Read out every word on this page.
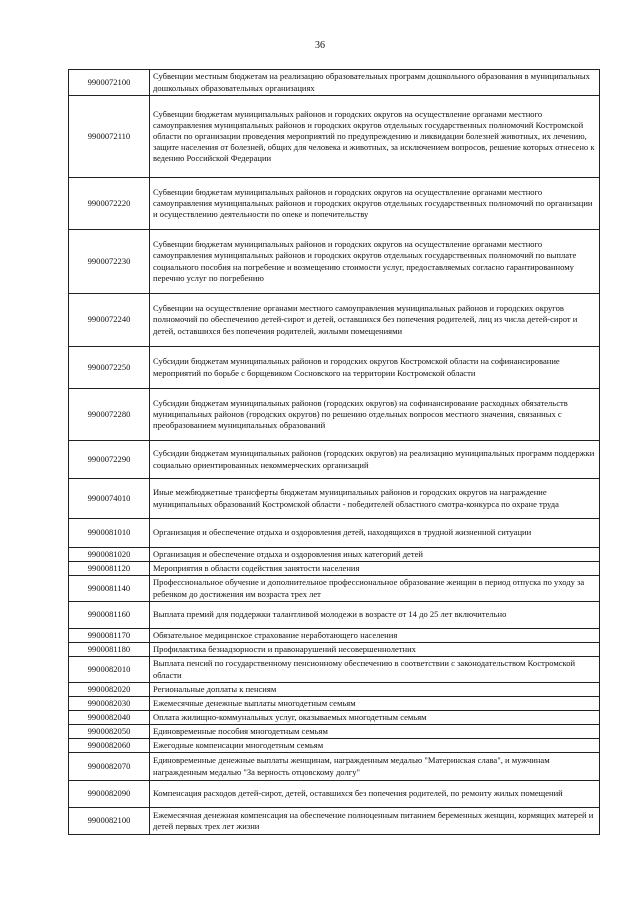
36
9900072100	Субвенции местным бюджетам на реализацию образовательных программ дошкольного образования в муниципальных дошкольных образовательных организациях
9900072110	Субвенции бюджетам муниципальных районов и городских округов на осуществление органами местного самоуправления муниципальных районов и городских округов отдельных государственных полномочий Костромской области по организации проведения мероприятий по предупреждению и ликвидации болезней животных, их лечению, защите населения от болезней, общих для человека и животных, за исключением вопросов, решение которых отнесено к ведению Российской Федерации
9900072220	Субвенции бюджетам муниципальных районов и городских округов на осуществление органами местного самоуправления муниципальных районов и городских округов отдельных государственных полномочий по организации и осуществлению деятельности по опеке и попечительству
9900072230	Субвенции бюджетам муниципальных районов и городских округов на осуществление органами местного самоуправления муниципальных районов и городских округов отдельных государственных полномочий по выплате социального пособия на погребение и возмещению стоимости услуг, предоставляемых согласно гарантированному перечню услуг по погребению
9900072240	Субвенции на осуществление органами местного самоуправления муниципальных районов и городских округов полномочий по обеспечению детей-сирот и детей, оставшихся без попечения родителей, лиц из числа детей-сирот и детей, оставшихся без попечения родителей, жилыми помещениями
9900072250	Субсидии бюджетам муниципальных районов и городских округов Костромской области на софинансирование мероприятий по борьбе с борщевиком Сосновского на территории Костромской области
9900072280	Субсидии бюджетам муниципальных районов (городских округов) на софинансирование расходных обязательств муниципальных районов (городских округов) по решению отдельных вопросов местного значения, связанных с преобразованием муниципальных образований
9900072290	Субсидии бюджетам муниципальных районов (городских округов) на реализацию муниципальных программ поддержки социально ориентированных некоммерческих организаций
9900074010	Иные межбюджетные трансферты бюджетам муниципальных районов и городских округов на награждение муниципальных образований Костромской области - победителей областного смотра-конкурса по охране труда
9900081010	Организация и обеспечение отдыха и оздоровления детей, находящихся в трудной жизненной ситуации
9900081020	Организация и обеспечение отдыха и оздоровления иных категорий детей
9900081120	Мероприятия в области содействия занятости населения
9900081140	Профессиональное обучение и дополнительное профессиональное образование женщин в период отпуска по уходу за ребенком до достижения им возраста трех лет
9900081160	Выплата премий для поддержки талантливой молодежи в возрасте от 14 до 25 лет включительно
9900081170	Обязательное медицинское страхование неработающего населения
9900081180	Профилактика безнадзорности и правонарушений несовершеннолетних
9900082010	Выплата пенсий по государственному пенсионному обеспечению в соответствии с законодательством Костромской области
9900082020	Региональные доплаты к пенсиям
9900082030	Ежемесячные денежные выплаты многодетным семьям
9900082040	Оплата жилищно-коммунальных услуг, оказываемых многодетным семьям
9900082050	Единовременные пособия многодетным семьям
9900082060	Ежегодные компенсации многодетным семьям
9900082070	Единовременные денежные выплаты женщинам, награжденным медалью "Материнская слава", и мужчинам награжденным медалью "За верность отцовскому долгу"
9900082090	Компенсация расходов детей-сирот, детей, оставшихся без попечения родителей, по ремонту жилых помещений
9900082100	Ежемесячная денежная компенсация на обеспечение полноценным питанием беременных женщин, кормящих матерей и детей первых трех лет жизни
